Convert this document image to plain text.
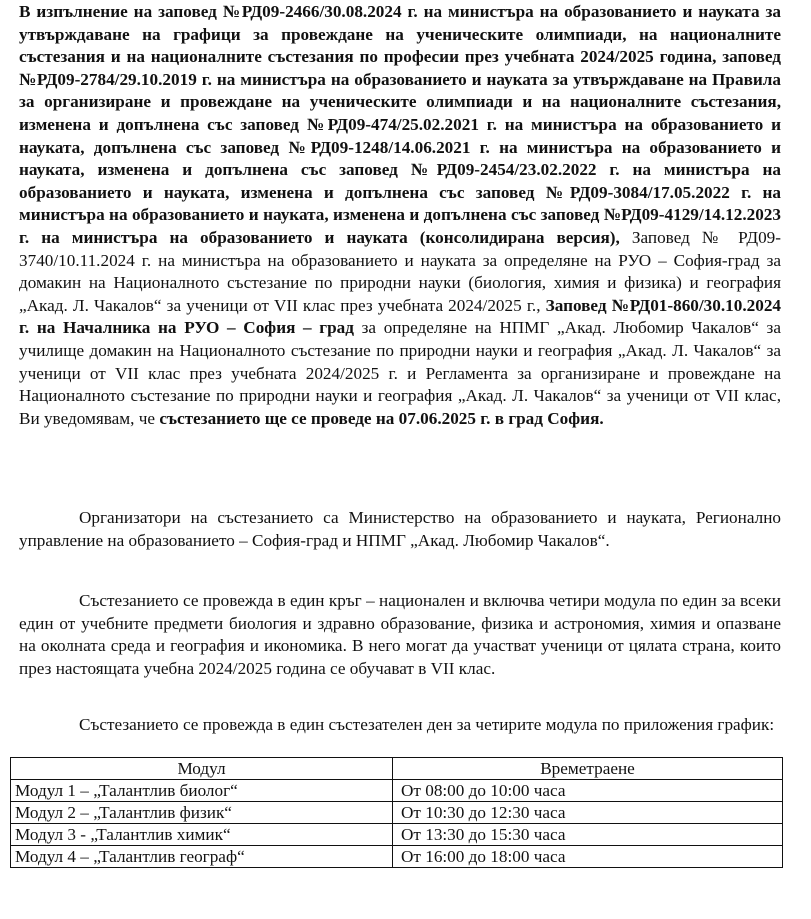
В изпълнение на заповед №РД09-2466/30.08.2024 г. на министъра на образованието и науката за утвърждаване на графици за провеждане на ученическите олимпиади, на националните състезания и на националните състезания по професии през учебната 2024/2025 година, заповед №РД09-2784/29.10.2019 г. на министъра на образованието и науката за утвърждаване на Правила за организиране и провеждане на ученическите олимпиади и на националните състезания, изменена и допълнена със заповед №РД09-474/25.02.2021 г. на министъра на образованието и науката, допълнена със заповед №РД09-1248/14.06.2021 г. на министъра на образованието и науката, изменена и допълнена със заповед №РД09-2454/23.02.2022 г. на министъра на образованието и науката, изменена и допълнена със заповед №РД09-3084/17.05.2022 г. на министъра на образованието и науката, изменена и допълнена със заповед №РД09-4129/14.12.2023 г. на министъра на образованието и науката (консолидирана версия), Заповед № РД09-3740/10.11.2024 г. на министъра на образованието и науката за определяне на РУО – София-град за домакин на Националното състезание по природни науки (биология, химия и физика) и география „Акад. Л. Чакалов“ за ученици от VII клас през учебната 2024/2025 г., Заповед №РД01-860/30.10.2024 г. на Началника на РУО – София – град за определяне на НПМГ „Акад. Любомир Чакалов“ за училище домакин на Националното състезание по природни науки и география „Акад. Л. Чакалов“ за ученици от VII клас през учебната 2024/2025 г. и Регламента за организиране и провеждане на Националното състезание по природни науки и география „Акад. Л. Чакалов“ за ученици от VII клас, Ви уведомявам, че състезанието ще се проведе на 07.06.2025 г. в град София.

Организатори на състезанието са Министерство на образованието и науката, Регионално управление на образованието – София-град и НПМГ „Акад. Любомир Чакалов“.

Състезанието се провежда в един кръг – национален и включва четири модула по един за всеки един от учебните предмети биология и здравно образование, физика и астрономия, химия и опазване на околната среда и география и икономика. В него могат да участват ученици от цялата страна, които през настоящата учебна 2024/2025 година се обучават в VII клас.

Състезанието се провежда в един състезателен ден за четирите модула по приложения график:

Модул	Времетраене
Модул 1 – „Талантлив биолог“	От 08:00 до 10:00 часа
Модул 2 – „Талантлив физик“	От 10:30 до 12:30 часа
Модул 3 - „Талантлив химик“	От 13:30 до 15:30 часа
Модул 4 – „Талантлив географ“	От 16:00 до 18:00 часа
